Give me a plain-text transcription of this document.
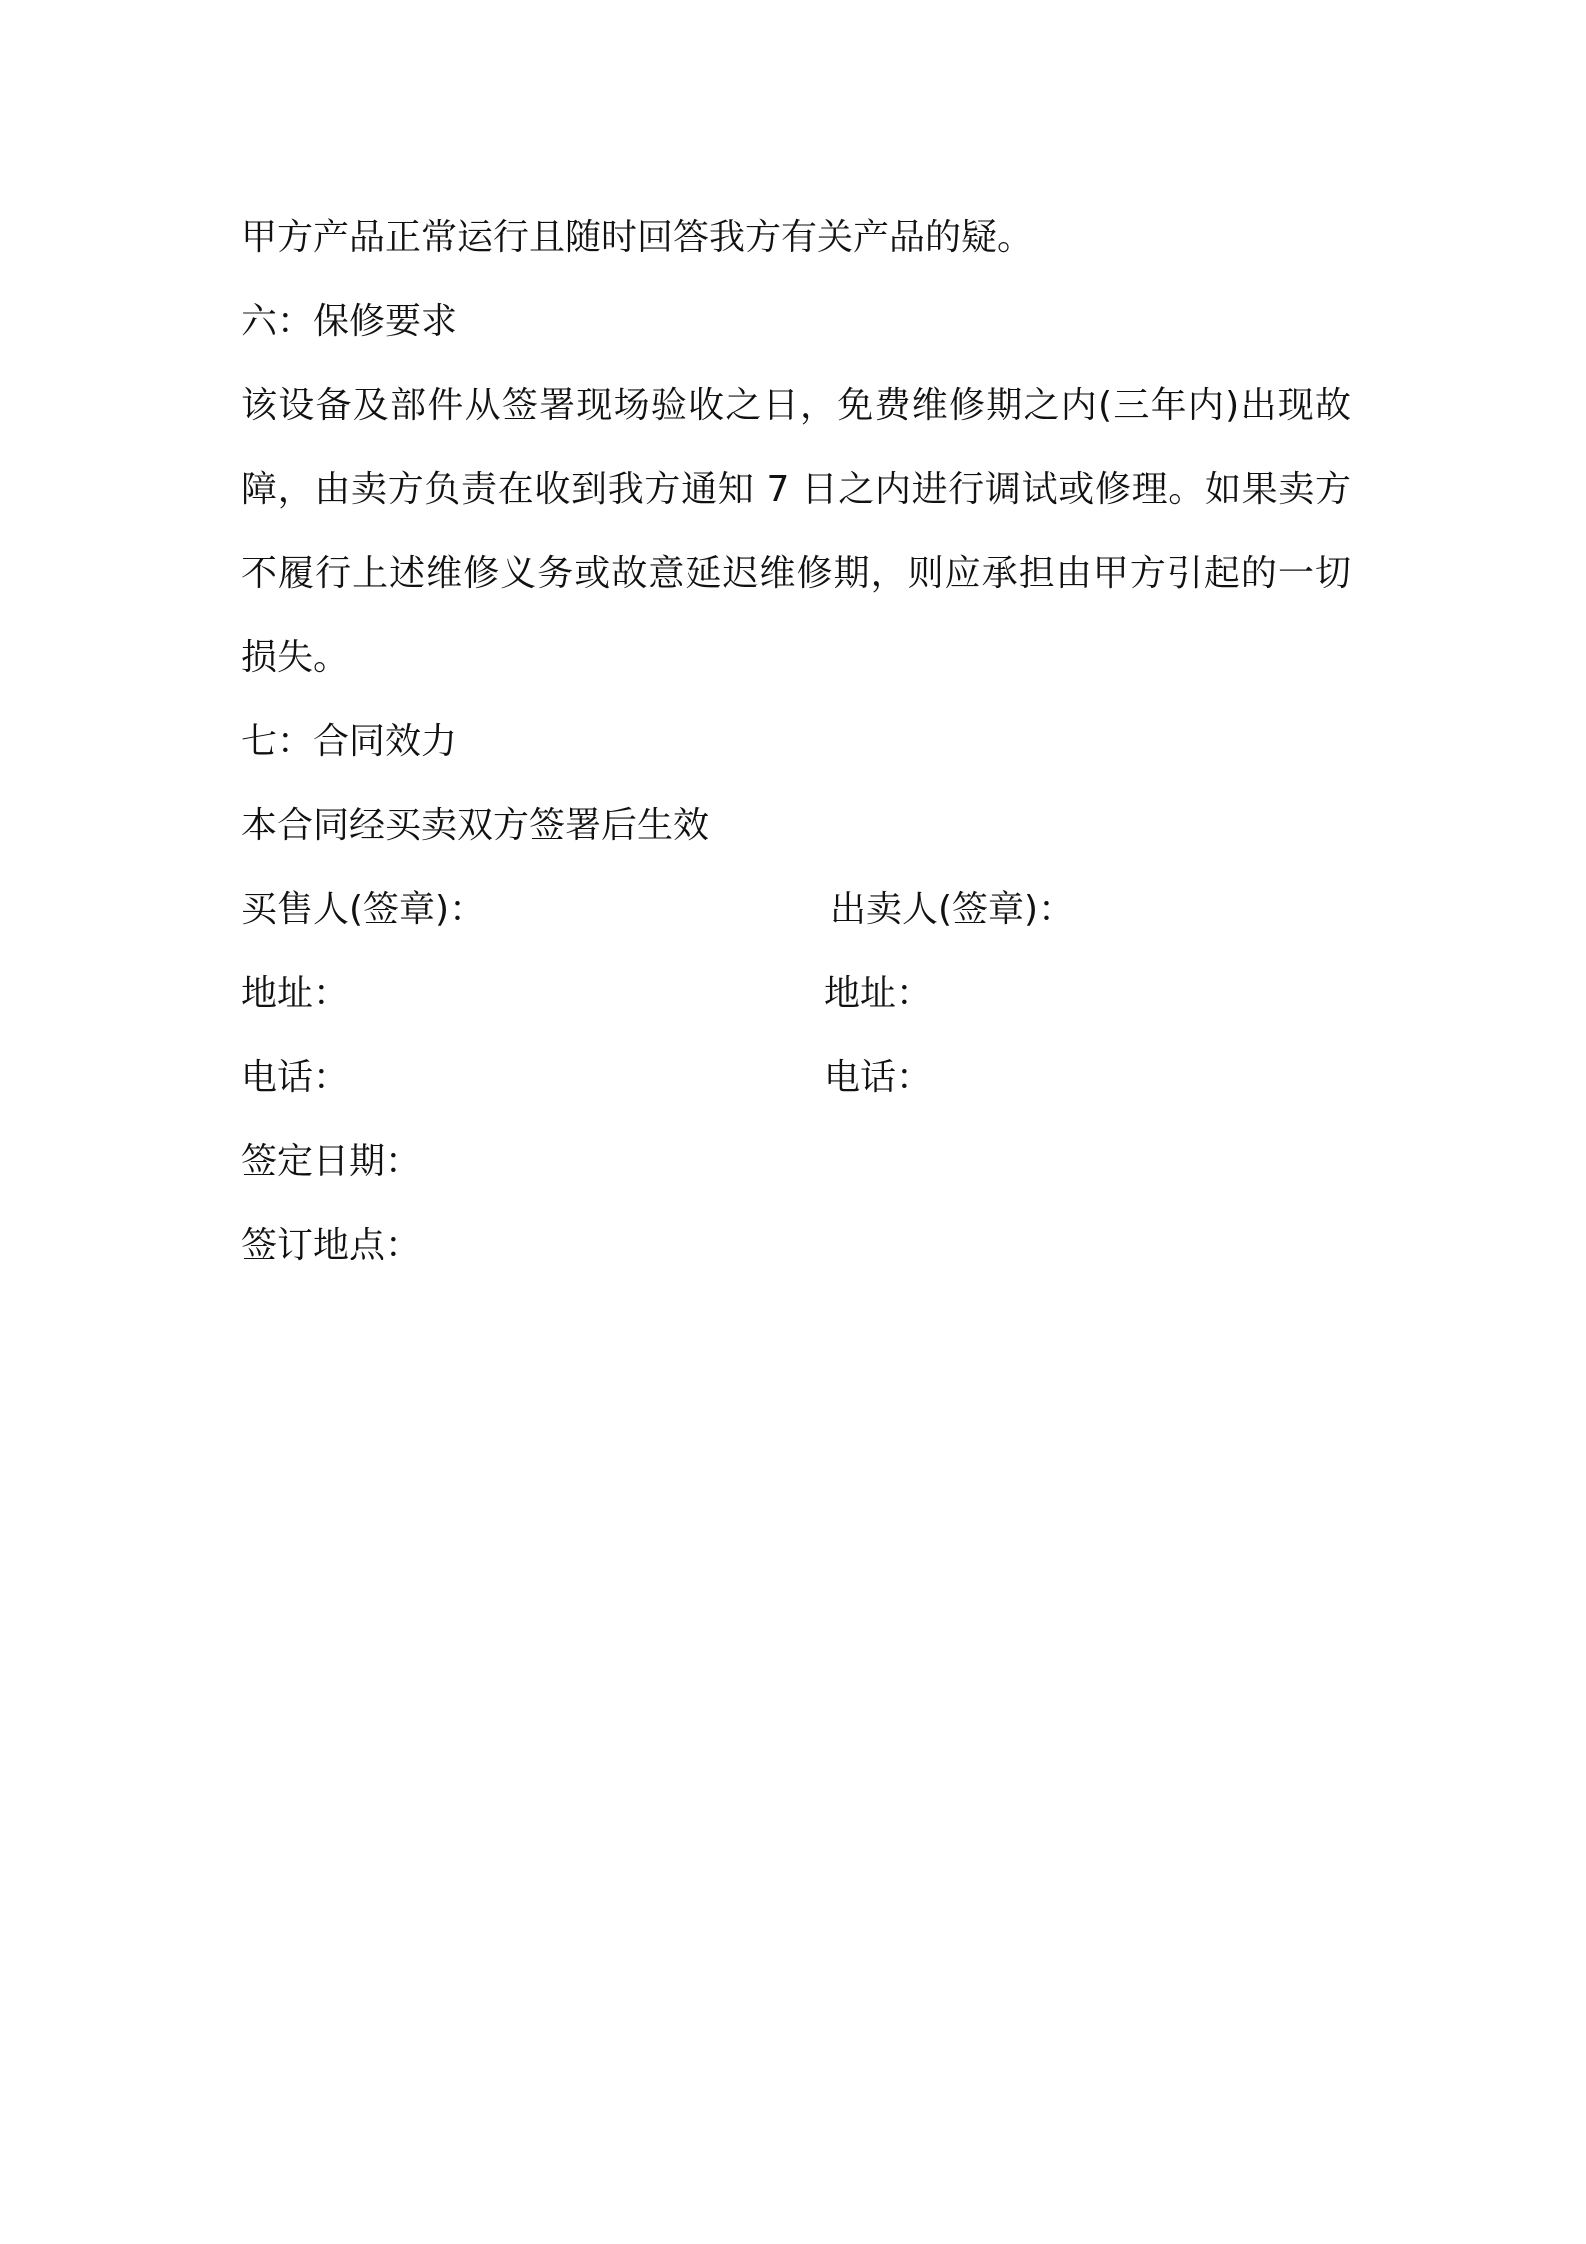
甲方产品正常运行且随时回答我方有关产品的疑。
六：保修要求
该设备及部件从签署现场验收之日，免费维修期之内(三年内)出现故障，由卖方负责在收到我方通知 7 日之内进行调试或修理。如果卖方不履行上述维修义务或故意延迟维修期，则应承担由甲方引起的一切损失。
七：合同效力
本合同经买卖双方签署后生效
买售人(签章)：	出卖人(签章)：
地址：	地址：
电话：	电话：
签定日期：
签订地点：
